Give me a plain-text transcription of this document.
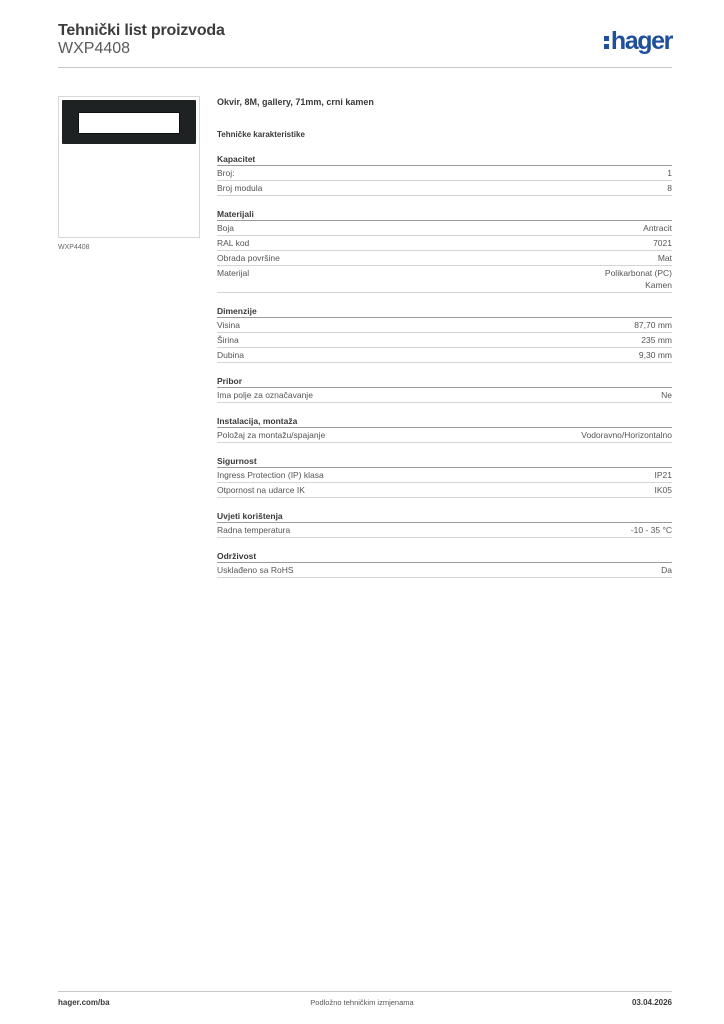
Tehnički list proizvoda
WXP4408	hager
WXP4408
Okvir, 8M, gallery, 71mm, crni kamen
Tehničke karakteristike
Kapacitet
Broj:	1
Broj modula	8
Materijali
Boja	Antracit
RAL kod	7021
Obrada površine	Mat
Materijal	Polikarbonat (PC)
Kamen
Dimenzije
Visina	87,70 mm
Širina	235 mm
Dubina	9,30 mm
Pribor
Ima polje za označavanje	Ne
Instalacija, montaža
Položaj za montažu/spajanje	Vodoravno/Horizontalno
Sigurnost
Ingress Protection (IP) klasa	IP21
Otpornost na udarce IK	IK05
Uvjeti korištenja
Radna temperatura	-10 - 35 °C
Održivost
Usklađeno sa RoHS	Da
hager.com/ba	Podložno tehničkim izmjenama	03.04.2026
